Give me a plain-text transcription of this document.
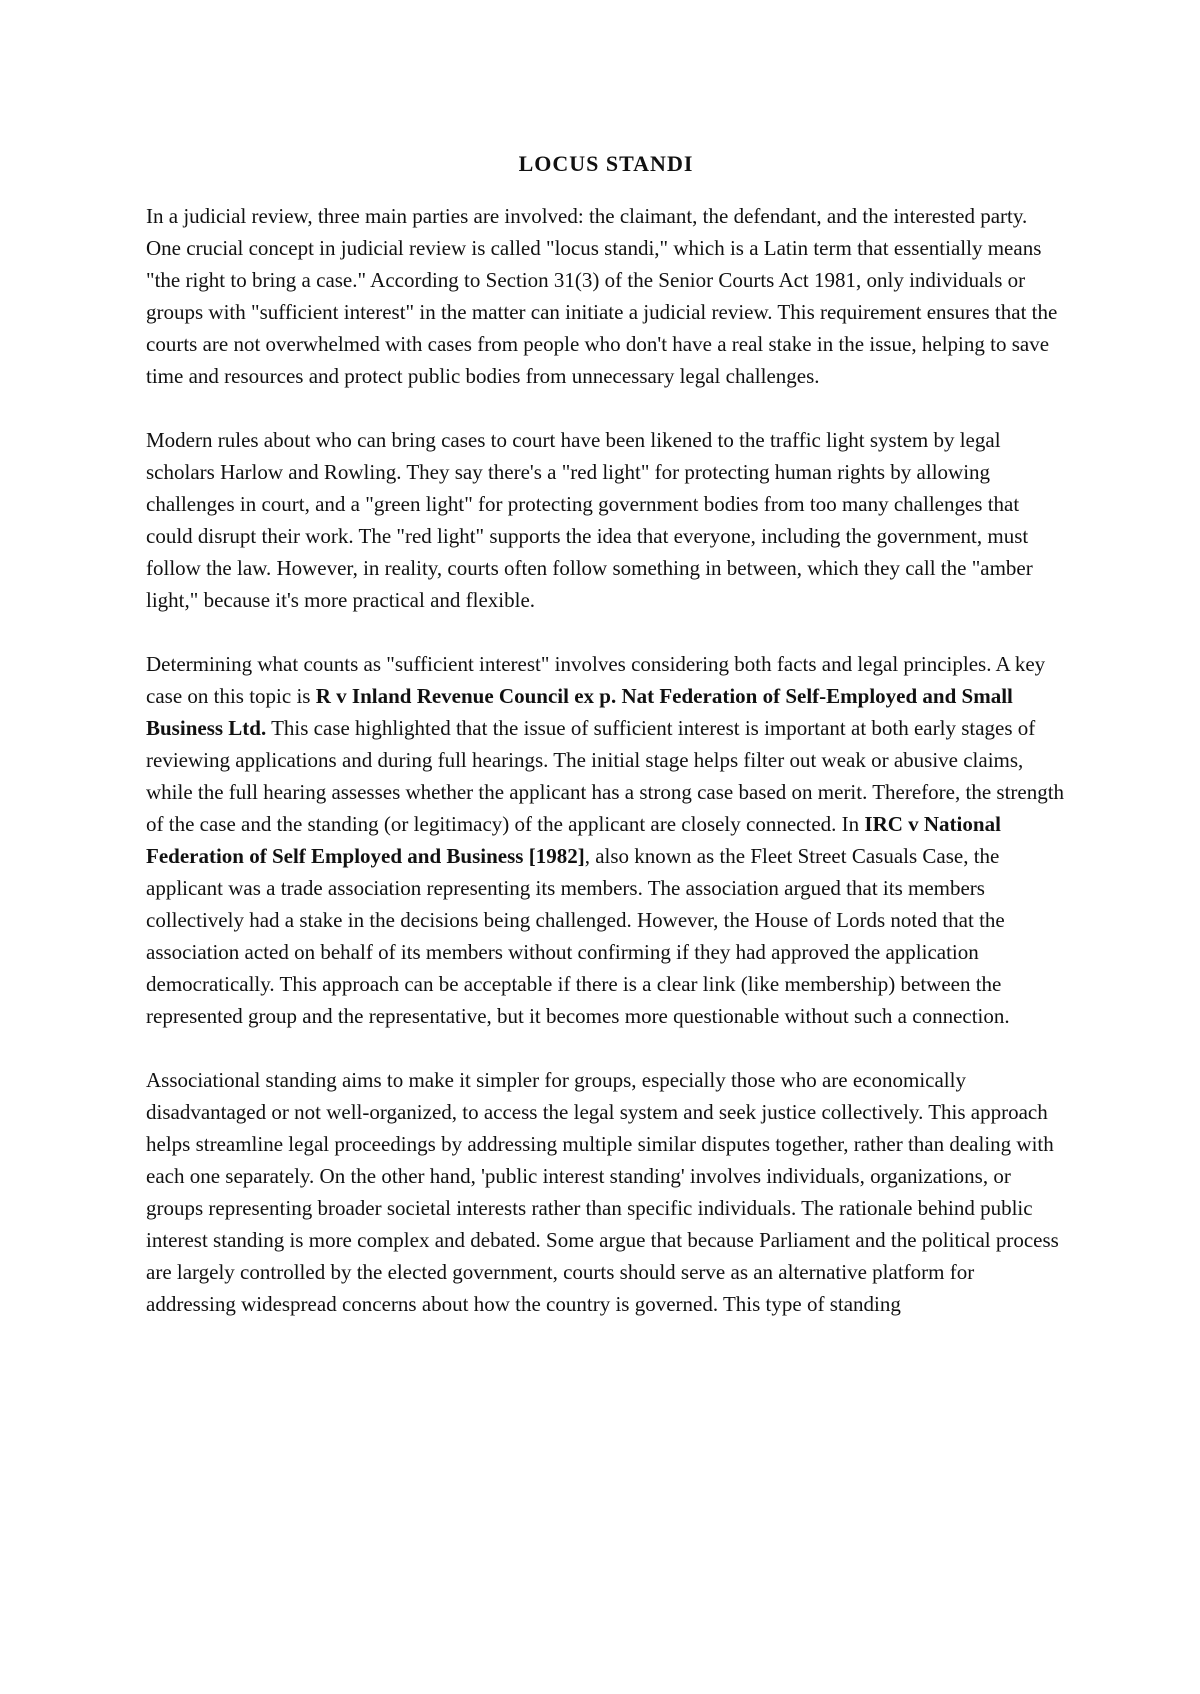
LOCUS STANDI

In a judicial review, three main parties are involved: the claimant, the defendant, and the interested party. One crucial concept in judicial review is called "locus standi," which is a Latin term that essentially means "the right to bring a case." According to Section 31(3) of the Senior Courts Act 1981, only individuals or groups with "sufficient interest" in the matter can initiate a judicial review. This requirement ensures that the courts are not overwhelmed with cases from people who don't have a real stake in the issue, helping to save time and resources and protect public bodies from unnecessary legal challenges.

Modern rules about who can bring cases to court have been likened to the traffic light system by legal scholars Harlow and Rowling. They say there's a "red light" for protecting human rights by allowing challenges in court, and a "green light" for protecting government bodies from too many challenges that could disrupt their work. The "red light" supports the idea that everyone, including the government, must follow the law. However, in reality, courts often follow something in between, which they call the "amber light," because it's more practical and flexible.

Determining what counts as "sufficient interest" involves considering both facts and legal principles. A key case on this topic is R v Inland Revenue Council ex p. Nat Federation of Self-Employed and Small Business Ltd. This case highlighted that the issue of sufficient interest is important at both early stages of reviewing applications and during full hearings. The initial stage helps filter out weak or abusive claims, while the full hearing assesses whether the applicant has a strong case based on merit. Therefore, the strength of the case and the standing (or legitimacy) of the applicant are closely connected. In IRC v National Federation of Self Employed and Business [1982], also known as the Fleet Street Casuals Case, the applicant was a trade association representing its members. The association argued that its members collectively had a stake in the decisions being challenged. However, the House of Lords noted that the association acted on behalf of its members without confirming if they had approved the application democratically. This approach can be acceptable if there is a clear link (like membership) between the represented group and the representative, but it becomes more questionable without such a connection.

Associational standing aims to make it simpler for groups, especially those who are economically disadvantaged or not well-organized, to access the legal system and seek justice collectively. This approach helps streamline legal proceedings by addressing multiple similar disputes together, rather than dealing with each one separately. On the other hand, 'public interest standing' involves individuals, organizations, or groups representing broader societal interests rather than specific individuals. The rationale behind public interest standing is more complex and debated. Some argue that because Parliament and the political process are largely controlled by the elected government, courts should serve as an alternative platform for addressing widespread concerns about how the country is governed. This type of standing
